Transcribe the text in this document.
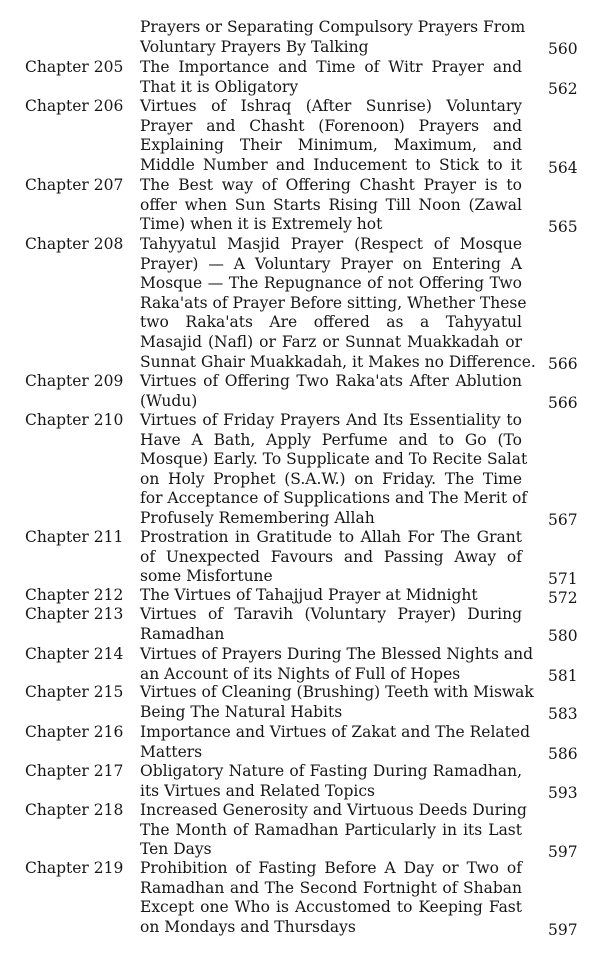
Prayers or Separating Compulsory Prayers From
Voluntary Prayers By Talking	560
Chapter 205 The Importance and Time of Witr Prayer and
That it is Obligatory	562
Chapter 206 Virtues of Ishraq (After Sunrise) Voluntary
Prayer and Chasht (Forenoon) Prayers and
Explaining Their Minimum, Maximum, and
Middle Number and Inducement to Stick to it 564
Chapter 207 The Best way of Offering Chasht Prayer is to
offer when Sun Starts Rising Till Noon (Zawal
Time) when it is Extremely hot	565
Chapter 208 Tahyyatul Masjid Prayer (Respect of Mosque
Prayer) — A Voluntary Prayer on Entering A
Mosque — The Repugnance of not Offering Two
Raka'ats of Prayer Before sitting, Whether These
two Raka'ats Are offered as a Tahyyatul
Masajid (Nafl) or Farz or Sunnat Muakkadah or
Sunnat Ghair Muakkadah, it Makes no Difference. 566
Chapter 209 Virtues of Offering Two Raka'ats After Ablution
(Wudu)	566
Chapter 210 Virtues of Friday Prayers And Its Essentiality to
Have A Bath, Apply Perfume and to Go (To
Mosque) Early. To Supplicate and To Recite Salat
on Holy Prophet (S.A.W.) on Friday. The Time
for Acceptance of Supplications and The Merit of
Profusely Remembering Allah	567
Chapter 211 Prostration in Gratitude to Allah For The Grant
of Unexpected Favours and Passing Away of
some Misfortune	571
Chapter 212 The Virtues of Tahajjud Prayer at Midnight	572
Chapter 213 Virtues of Taravih (Voluntary Prayer) During
Ramadhan	580
Chapter 214 Virtues of Prayers During The Blessed Nights and
an Account of its Nights of Full of Hopes	581
Chapter 215 Virtues of Cleaning (Brushing) Teeth with Miswak
Being The Natural Habits	583
Chapter 216 Importance and Virtues of Zakat and The Related
Matters	586
Chapter 217 Obligatory Nature of Fasting During Ramadhan,
its Virtues and Related Topics	593
Chapter 218 Increased Generosity and Virtuous Deeds During
The Month of Ramadhan Particularly in its Last
Ten Days	597
Chapter 219 Prohibition of Fasting Before A Day or Two of
Ramadhan and The Second Fortnight of Shaban
Except one Who is Accustomed to Keeping Fast
on Mondays and Thursdays	597
